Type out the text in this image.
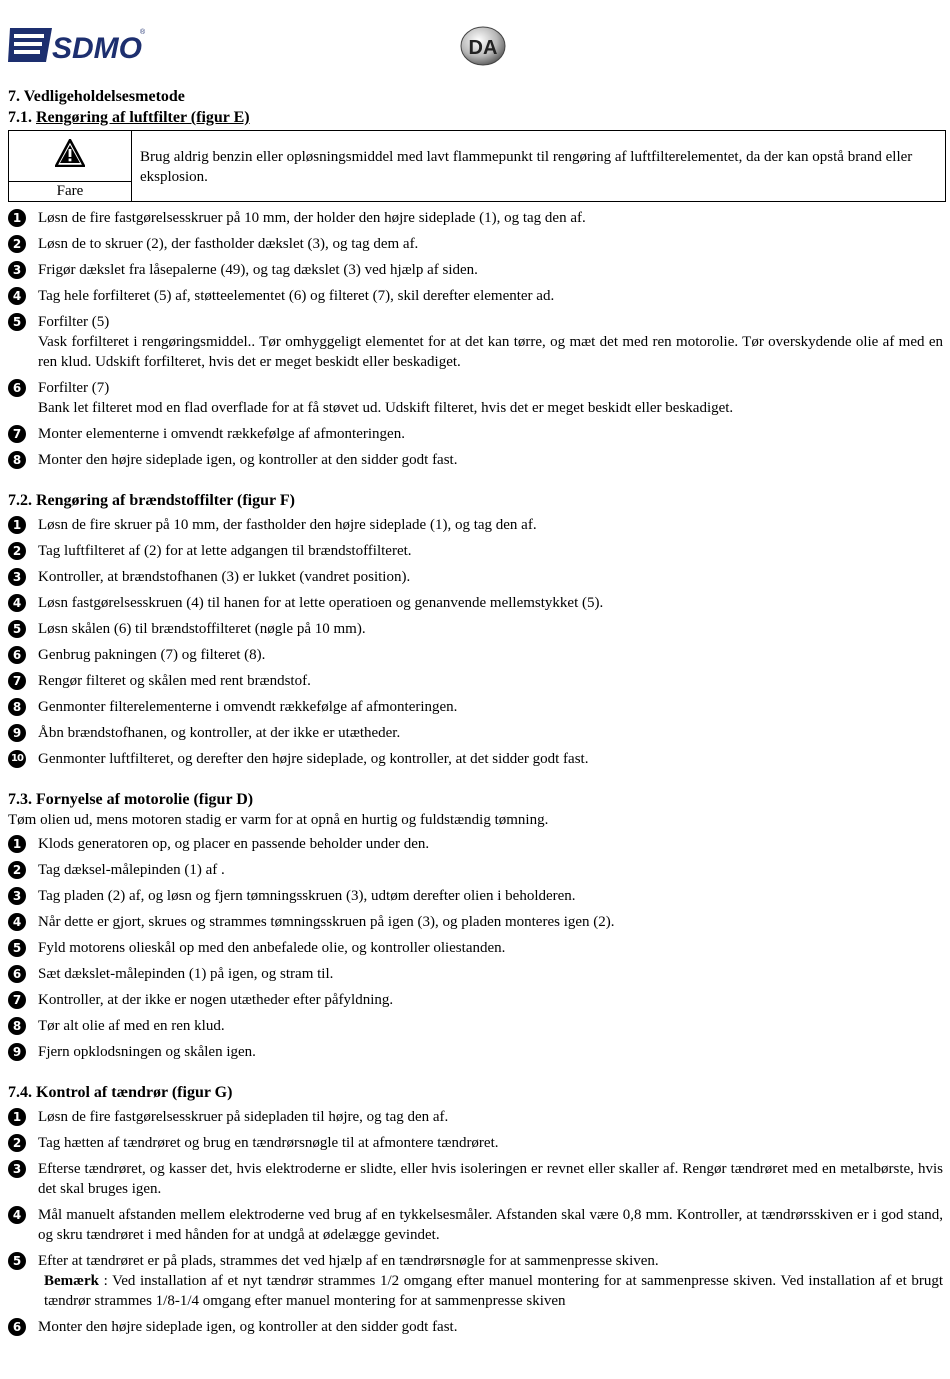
SDMO
®
DA
7. Vedligeholdelsesmetode
7.1. Rengøring af luftfilter (figur E)
Fare
Brug aldrig benzin eller opløsningsmiddel med lavt flammepunkt til rengøring af luftfilterelementet, da der kan opstå brand eller eksplosion.
1	Løsn de fire fastgørelsesskruer på 10 mm, der holder den højre sideplade (1), og tag den af.
2	Løsn de to skruer (2), der fastholder dækslet (3), og tag dem af.
3	Frigør dækslet fra låsepalerne (49), og tag dækslet (3) ved hjælp af siden.
4	Tag hele forfilteret (5) af, støtteelementet (6) og filteret (7), skil derefter elementer ad.
5	Forfilter (5)
Vask forfilteret i rengøringsmiddel.. Tør omhyggeligt elementet for at det kan tørre, og mæt det med ren motorolie. Tør overskydende olie af med en ren klud. Udskift forfilteret, hvis det er meget beskidt eller beskadiget.
6	Forfilter (7)
Bank let filteret mod en flad overflade for at få støvet ud. Udskift filteret, hvis det er meget beskidt eller beskadiget.
7	Monter elementerne i omvendt rækkefølge af afmonteringen.
8	Monter den højre sideplade igen, og kontroller at den sidder godt fast.
7.2. Rengøring af brændstoffilter (figur F)
1	Løsn de fire skruer på 10 mm, der fastholder den højre sideplade (1), og tag den af.
2	Tag luftfilteret af (2) for at lette adgangen til brændstoffilteret.
3	Kontroller, at brændstofhanen (3) er lukket (vandret position).
4	Løsn fastgørelsesskruen (4) til hanen for at lette operatioen og genanvende mellemstykket (5).
5	Løsn skålen (6) til brændstoffilteret (nøgle på 10 mm).
6	Genbrug pakningen (7) og filteret (8).
7	Rengør filteret og skålen med rent brændstof.
8	Genmonter filterelementerne i omvendt rækkefølge af afmonteringen.
9	Åbn brændstofhanen, og kontroller, at der ikke er utætheder.
10 Genmonter luftfilteret, og derefter den højre sideplade, og kontroller, at det sidder godt fast.
7.3. Fornyelse af motorolie (figur D)
Tøm olien ud, mens motoren stadig er varm for at opnå en hurtig og fuldstændig tømning.
1	Klods generatoren op, og placer en passende beholder under den.
2	Tag dæksel-målepinden (1) af .
3	Tag pladen (2) af, og løsn og fjern tømningsskruen (3), udtøm derefter olien i beholderen.
4	Når dette er gjort, skrues og strammes tømningsskruen på igen (3), og pladen monteres igen (2).
5	Fyld motorens olieskål op med den anbefalede olie, og kontroller oliestanden.
6	Sæt dækslet-målepinden (1) på igen, og stram til.
7	Kontroller, at der ikke er nogen utætheder efter påfyldning.
8	Tør alt olie af med en ren klud.
9	Fjern opklodsningen og skålen igen.
7.4. Kontrol af tændrør (figur G)
1	Løsn de fire fastgørelsesskruer på sidepladen til højre, og tag den af.
2	Tag hætten af tændrøret og brug en tændrørsnøgle til at afmontere tændrøret.
3	Efterse tændrøret, og kasser det, hvis elektroderne er slidte, eller hvis isoleringen er revnet eller skaller af. Rengør tændrøret med en metalbørste, hvis det skal bruges igen.
4	Mål manuelt afstanden mellem elektroderne ved brug af en tykkelsesmåler. Afstanden skal være 0,8 mm. Kontroller, at tændrørsskiven er i god stand, og skru tændrøret i med hånden for at undgå at ødelægge gevindet.
5	Efter at tændrøret er på plads, strammes det ved hjælp af en tændrørsnøgle for at sammenpresse skiven.
Bemærk : Ved installation af et nyt tændrør strammes 1/2 omgang efter manuel montering for at sammenpresse skiven. Ved installation af et brugt tændrør strammes 1/8-1/4 omgang efter manuel montering for at sammenpresse skiven
6	Monter den højre sideplade igen, og kontroller at den sidder godt fast.
